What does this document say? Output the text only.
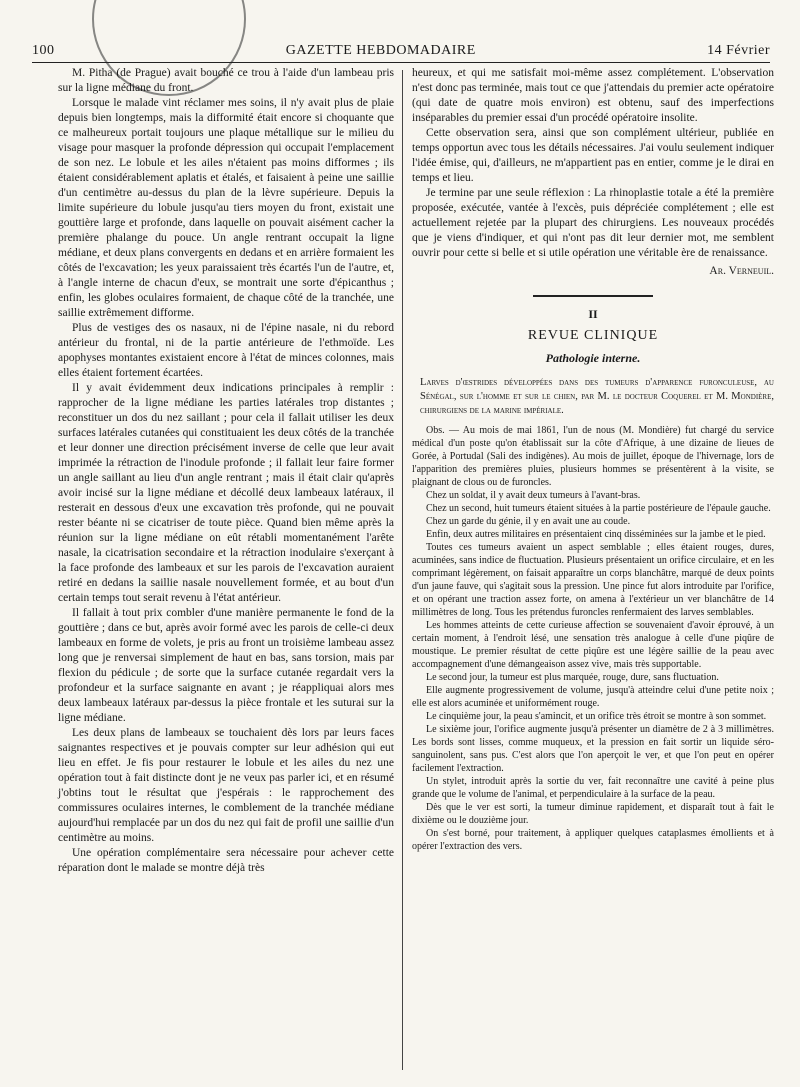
100	GAZETTE HEBDOMADAIRE	14 Février

M. Pitha (de Prague) avait bouché ce trou à l'aide d'un lambeau pris sur la ligne médiane du front.

Lorsque le malade vint réclamer mes soins, il n'y avait plus de plaie depuis bien longtemps, mais la difformité était encore si choquante que ce malheureux portait toujours une plaque métallique sur le milieu du visage pour masquer la profonde dépression qui occupait l'emplacement de son nez. Le lobule et les ailes n'étaient pas moins difformes ; ils étaient considérablement aplatis et étalés, et faisaient à peine une saillie d'un centimètre au-dessus du plan de la lèvre supérieure. Depuis la limite supérieure du lobule jusqu'au tiers moyen du front, existait une gouttière large et profonde, dans laquelle on pouvait aisément cacher la première phalange du pouce. Un angle rentrant occupait la ligne médiane, et deux plans convergents en dedans et en arrière formaient les côtés de l'excavation; les yeux paraissaient très écartés l'un de l'autre, et, à l'angle interne de chacun d'eux, se montrait une sorte d'épicanthus ; enfin, les globes oculaires formaient, de chaque côté de la tranchée, une saillie extrêmement difforme.

Plus de vestiges des os nasaux, ni de l'épine nasale, ni du rebord antérieur du frontal, ni de la partie antérieure de l'ethmoïde. Les apophyses montantes existaient encore à l'état de minces colonnes, mais elles étaient fortement écartées.

Il y avait évidemment deux indications principales à remplir : rapprocher de la ligne médiane les parties latérales trop distantes ; reconstituer un dos du nez saillant ; pour cela il fallait utiliser les deux surfaces latérales cutanées qui constituaient les deux côtés de la tranchée et leur donner une direction précisément inverse de celle que leur avait imprimée la rétraction de l'inodule profonde ; il fallait leur faire former un angle saillant au lieu d'un angle rentrant ; mais il était clair qu'après avoir incisé sur la ligne médiane et décollé deux lambeaux latéraux, il resterait en dessous d'eux une excavation très profonde, qui ne pouvait rester béante ni se cicatriser de toute pièce. Quand bien même après la réunion sur la ligne médiane on eût rétabli momentanément l'arête nasale, la cicatrisation secondaire et la rétraction inodulaire s'exerçant à la face profonde des lambeaux et sur les parois de l'excavation auraient retiré en dedans la saillie nasale nouvellement formée, et au bout d'un certain temps tout serait revenu à l'état antérieur.

Il fallait à tout prix combler d'une manière permanente le fond de la gouttière ; dans ce but, après avoir formé avec les parois de celle-ci deux lambeaux en forme de volets, je pris au front un troisième lambeau assez long que je renversai simplement de haut en bas, sans torsion, mais par flexion du pédicule ; de sorte que la surface cutanée regardait vers la profondeur et la surface saignante en avant ; je réappliquai alors mes deux lambeaux latéraux par-dessus la pièce frontale et les suturai sur la ligne médiane.

Les deux plans de lambeaux se touchaient dès lors par leurs faces saignantes respectives et je pouvais compter sur leur adhésion qui eut lieu en effet. Je fis pour restaurer le lobule et les ailes du nez une opération tout à fait distincte dont je ne veux pas parler ici, et en résumé j'obtins tout le résultat que j'espérais : le rapprochement des commissures oculaires internes, le comblement de la tranchée médiane aujourd'hui remplacée par un dos du nez qui fait de profil une saillie d'un centimètre au moins.

Une opération complémentaire sera nécessaire pour achever cette réparation dont le malade se montre déjà très

heureux, et qui me satisfait moi-même assez complétement. L'observation n'est donc pas terminée, mais tout ce que j'attendais du premier acte opératoire (qui date de quatre mois environ) est obtenu, sauf des imperfections inséparables du premier essai d'un procédé opératoire insolite.

Cette observation sera, ainsi que son complément ultérieur, publiée en temps opportun avec tous les détails nécessaires. J'ai voulu seulement indiquer l'idée émise, qui, d'ailleurs, ne m'appartient pas en entier, comme je le dirai en temps et lieu.

Je termine par une seule réflexion : La rhinoplastie totale a été la première proposée, exécutée, vantée à l'excès, puis dépréciée complétement ; elle est actuellement rejetée par la plupart des chirurgiens. Les nouveaux procédés que je viens d'indiquer, et qui n'ont pas dit leur dernier mot, me semblent ouvrir pour cette si belle et si utile opération une véritable ère de renaissance.

Ar. Verneuil.
II
REVUE CLINIQUE
Pathologie interne.

Larves d'œstrides développées dans des tumeurs d'apparence furonculeuse, au Sénégal, sur l'homme et sur le chien, par M. le docteur Coquerel et M. Mondière, chirurgiens de la marine impériale.

Obs. — Au mois de mai 1861, l'un de nous (M. Mondière) fut chargé du service médical d'un poste qu'on établissait sur la côte d'Afrique, à une dizaine de lieues de Gorée, à Portudal (Sali des indigènes). Au mois de juillet, époque de l'hivernage, lors de l'apparition des premières pluies, plusieurs hommes se présentèrent à la visite, se plaignant de clous ou de furoncles.

Chez un soldat, il y avait deux tumeurs à l'avant-bras.

Chez un second, huit tumeurs étaient situées à la partie postérieure de l'épaule gauche.

Chez un garde du génie, il y en avait une au coude.

Enfin, deux autres militaires en présentaient cinq disséminées sur la jambe et le pied.

Toutes ces tumeurs avaient un aspect semblable ; elles étaient rouges, dures, acuminées, sans indice de fluctuation. Plusieurs présentaient un orifice circulaire, et en les comprimant légèrement, on faisait apparaître un corps blanchâtre, marqué de deux points d'un jaune fauve, qui s'agitait sous la pression. Une pince fut alors introduite par l'orifice, et on opérant une traction assez forte, on amena à l'extérieur un ver blanchâtre de 14 millimètres de long. Tous les prétendus furoncles renfermaient des larves semblables.

Les hommes atteints de cette curieuse affection se souvenaient d'avoir éprouvé, à un certain moment, à l'endroit lésé, une sensation très analogue à celle d'une piqûre de moustique. Le premier résultat de cette piqûre est une légère saillie de la peau avec accompagnement d'une démangeaison assez vive, mais très supportable.

Le second jour, la tumeur est plus marquée, rouge, dure, sans fluctuation.

Elle augmente progressivement de volume, jusqu'à atteindre celui d'une petite noix ; elle est alors acuminée et uniformément rouge.

Le cinquième jour, la peau s'amincit, et un orifice très étroit se montre à son sommet.

Le sixième jour, l'orifice augmente jusqu'à présenter un diamètre de 2 à 3 millimètres. Les bords sont lisses, comme muqueux, et la pression en fait sortir un liquide séro-sanguinolent, sans pus. C'est alors que l'on aperçoit le ver, et que l'on peut en opérer facilement l'extraction.

Un stylet, introduit après la sortie du ver, fait reconnaître une cavité à peine plus grande que le volume de l'animal, et perpendiculaire à la surface de la peau.

Dès que le ver est sorti, la tumeur diminue rapidement, et disparaît tout à fait le dixième ou le douzième jour.

On s'est borné, pour traitement, à appliquer quelques cataplasmes émollients et à opérer l'extraction des vers.
